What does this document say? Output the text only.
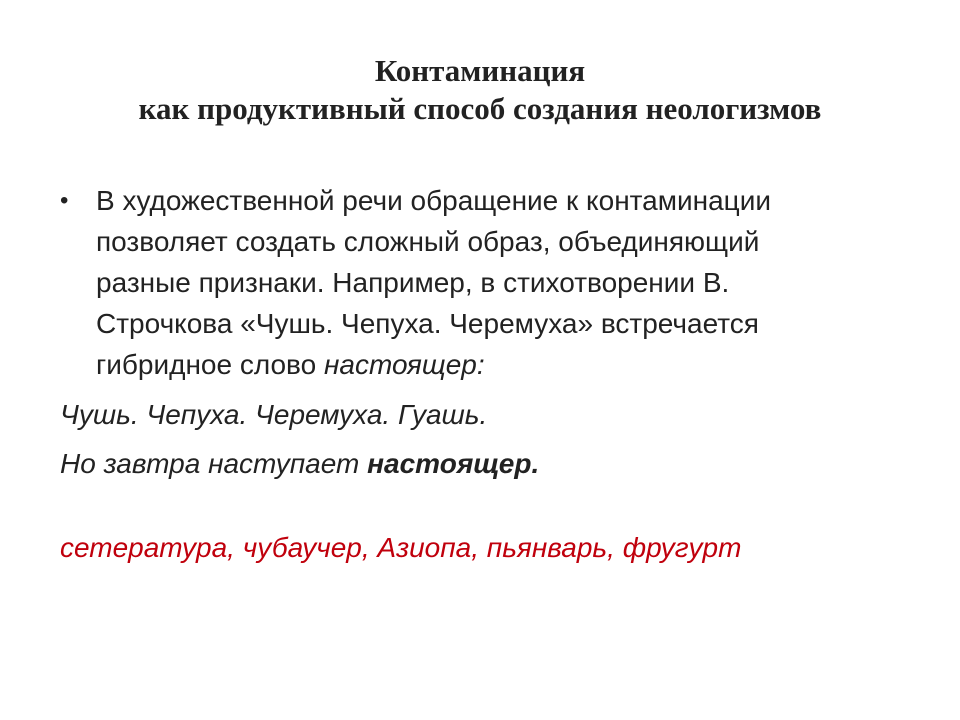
Контаминация
как продуктивный способ создания неологизмов
• В художественной речи обращение к контаминации
позволяет создать сложный образ, объединяющий
разные признаки. Например, в стихотворении В.
Строчкова «Чушь. Чепуха. Черемуха» встречается
гибридное слово настоящер:
Чушь. Чепуха. Черемуха. Гуашь.
Но завтра наступает настоящер.
сетература, чубаучер, Азиопа, пьянварь, фругурт
